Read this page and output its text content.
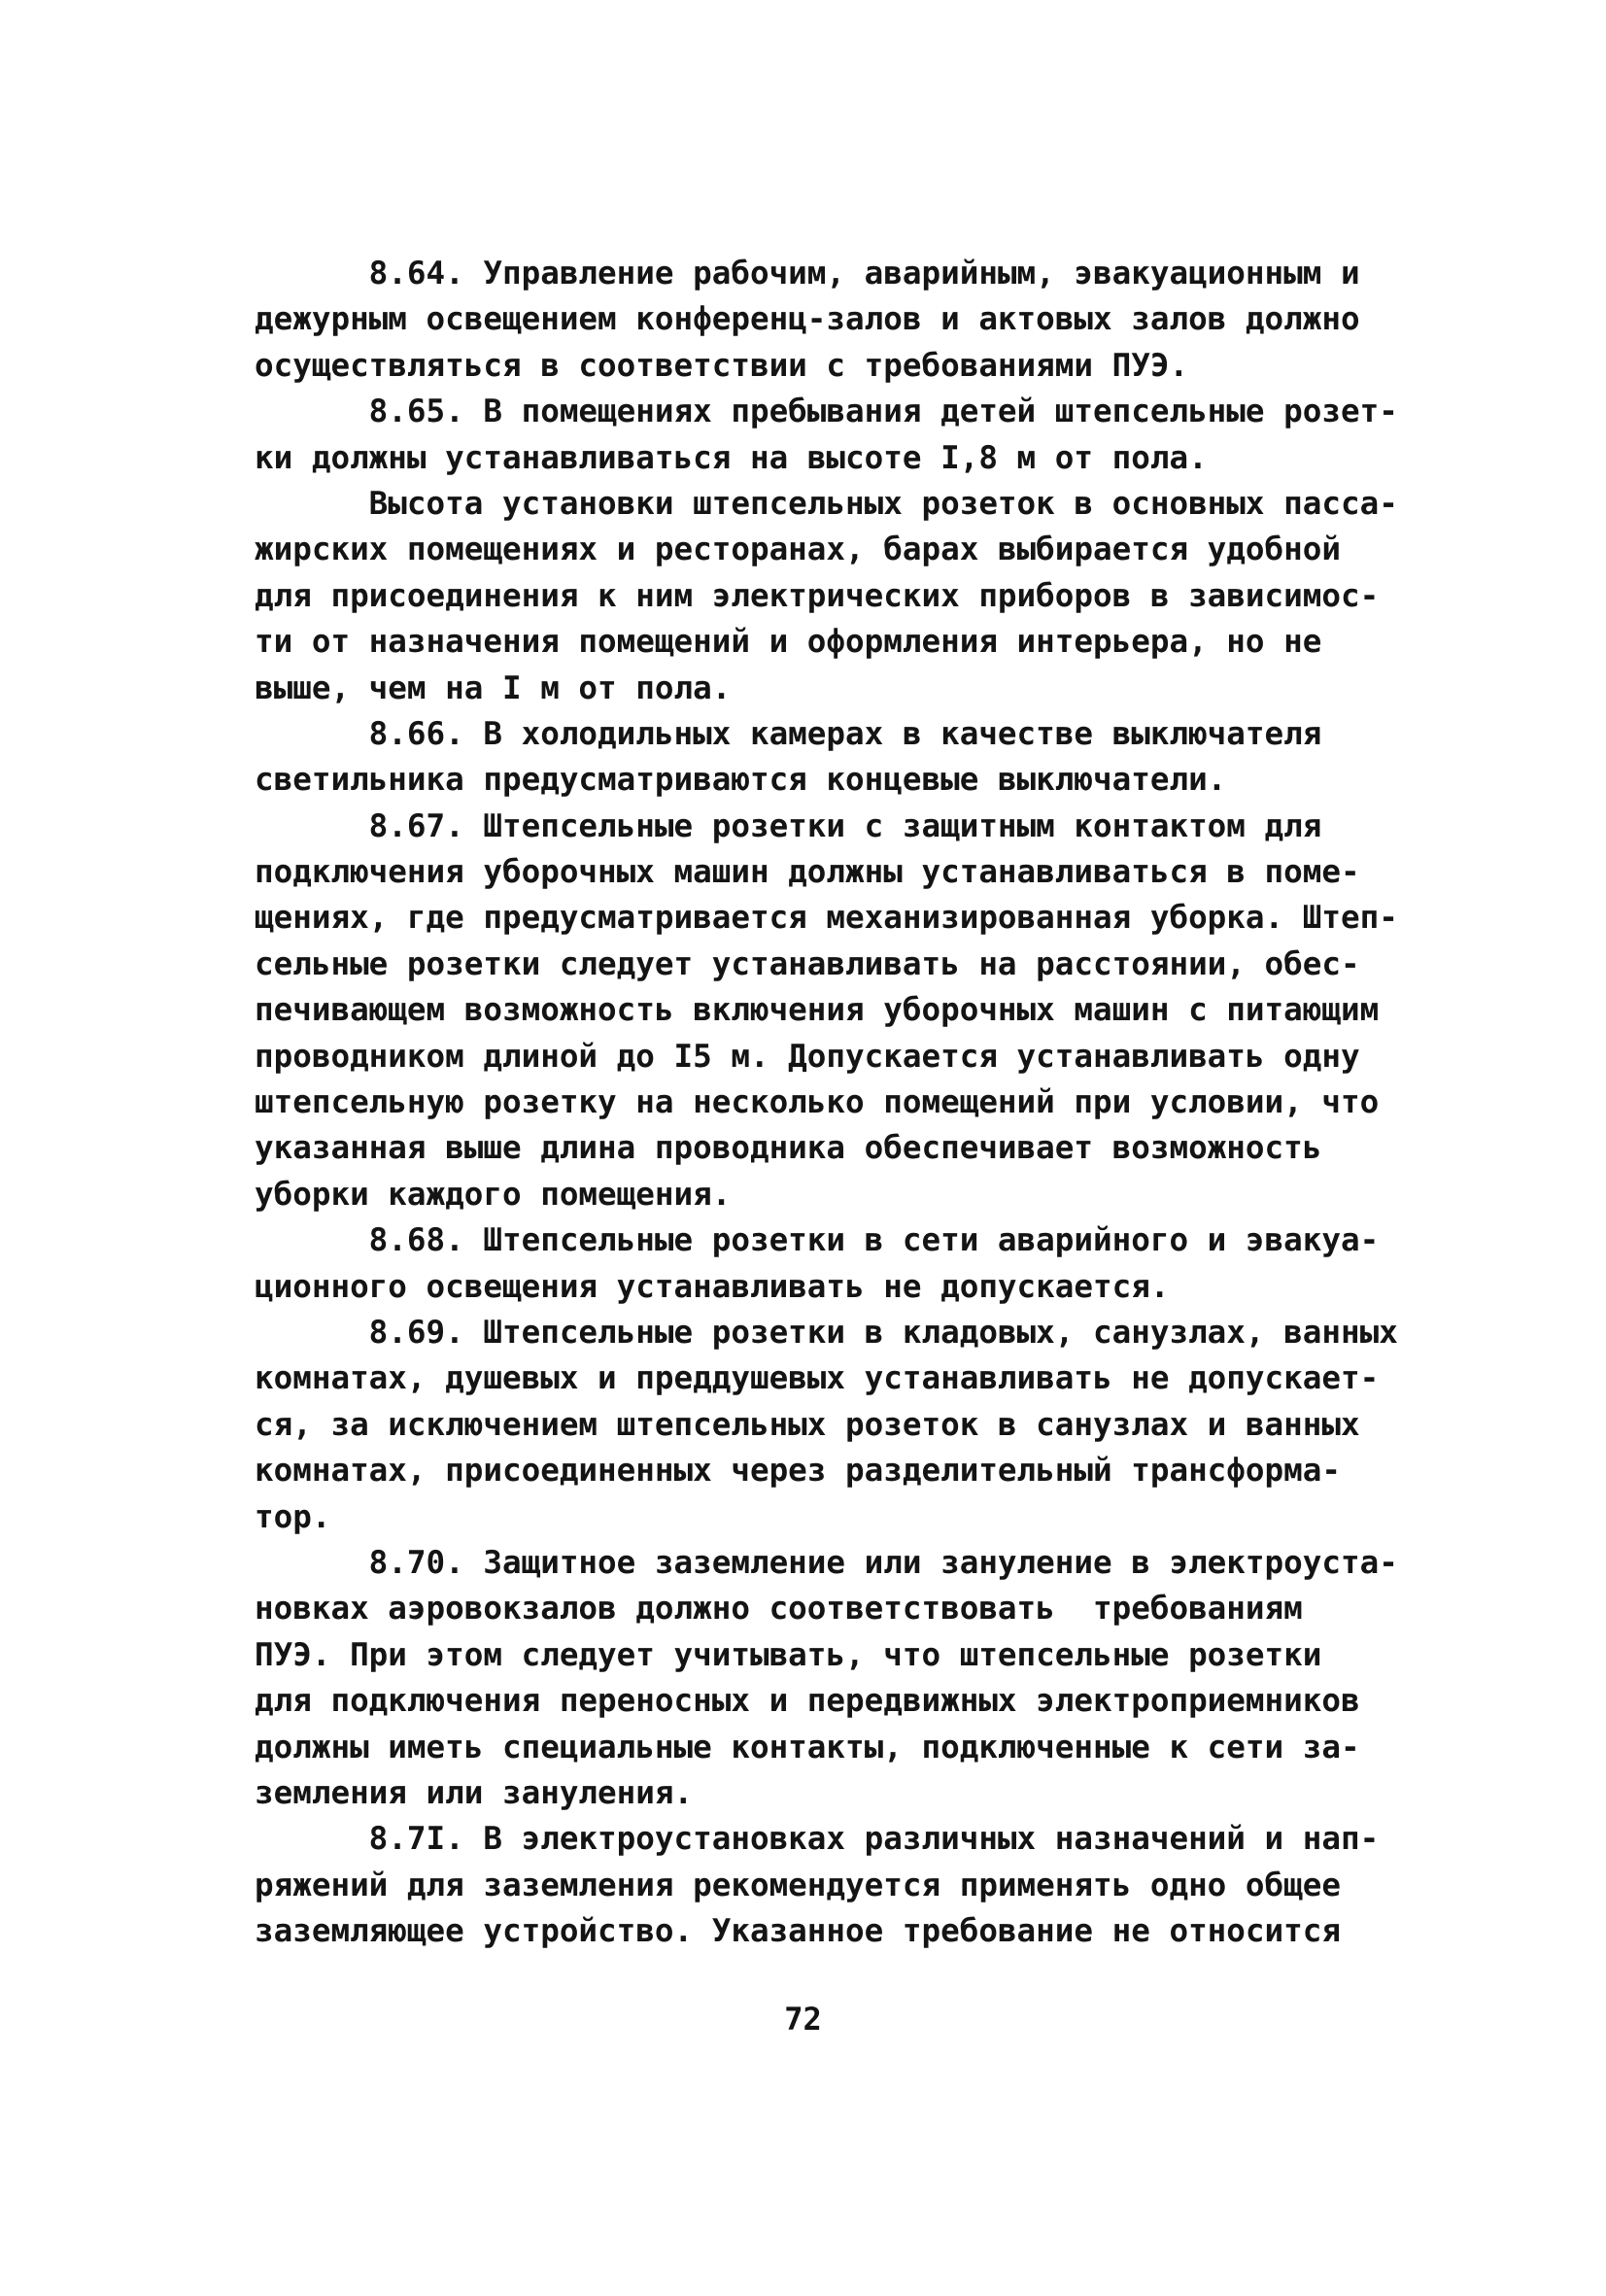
8.64. Управление рабочим, аварийным, эвакуационным и
дежурным освещением конференц-залов и актовых залов должно
осуществляться в соответствии с требованиями ПУЭ.
8.65. В помещениях пребывания детей штепсельные розет-
ки должны устанавливаться на высоте I,8 м от пола.
Высота установки штепсельных розеток в основных пасса-
жирских помещениях и ресторанах, барах выбирается удобной
для присоединения к ним электрических приборов в зависимос-
ти от назначения помещений и оформления интерьера, но не
выше, чем на I м от пола.
8.66. В холодильных камерах в качестве выключателя
светильника предусматриваются концевые выключатели.
8.67. Штепсельные розетки с защитным контактом для
подключения уборочных машин должны устанавливаться в поме-
щениях, где предусматривается механизированная уборка. Штеп-
сельные розетки следует устанавливать на расстоянии, обес-
печивающем возможность включения уборочных машин с питающим
проводником длиной до I5 м. Допускается устанавливать одну
штепсельную розетку на несколько помещений при условии, что
указанная выше длина проводника обеспечивает возможность
уборки каждого помещения.
8.68. Штепсельные розетки в сети аварийного и эвакуа-
ционного освещения устанавливать не допускается.
8.69. Штепсельные розетки в кладовых, санузлах, ванных
комнатах, душевых и преддушевых устанавливать не допускает-
ся, за исключением штепсельных розеток в санузлах и ванных
комнатах, присоединенных через разделительный трансформа-
тор.
8.70. Защитное заземление или зануление в электроуста-
новках аэровокзалов должно соответствовать  требованиям
ПУЭ. При этом следует учитывать, что штепсельные розетки
для подключения переносных и передвижных электроприемников
должны иметь специальные контакты, подключенные к сети за-
земления или зануления.
8.7I. В электроустановках различных назначений и нап-
ряжений для заземления рекомендуется применять одно общее
заземляющее устройство. Указанное требование не относится
72
